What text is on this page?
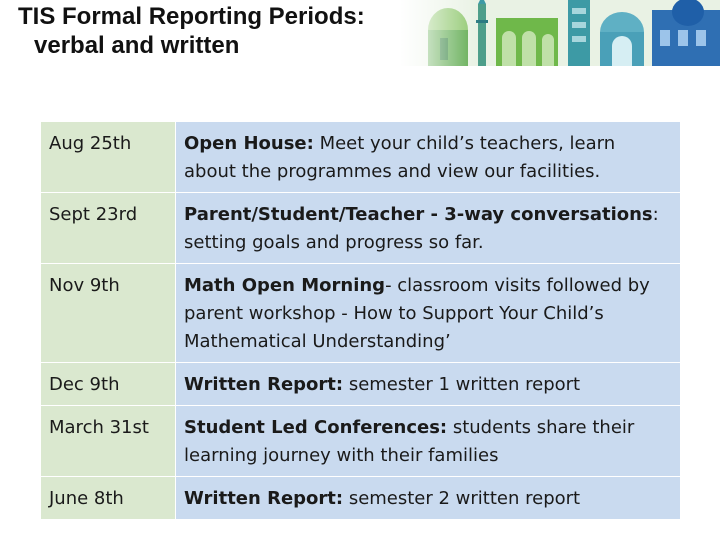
TIS Formal Reporting Periods:
verbal and written
Aug 25th	Open House: Meet your child’s teachers, learn about the programmes and view our facilities.
Sept 23rd	Parent/Student/Teacher - 3-way conversations: setting goals and progress so far.
Nov 9th	Math Open Morning- classroom visits followed by parent workshop - How to Support Your Child’s Mathematical Understanding’
Dec 9th	Written Report: semester 1 written report
March 31st	Student Led Conferences: students share their learning journey with their families
June 8th	Written Report: semester 2 written report
